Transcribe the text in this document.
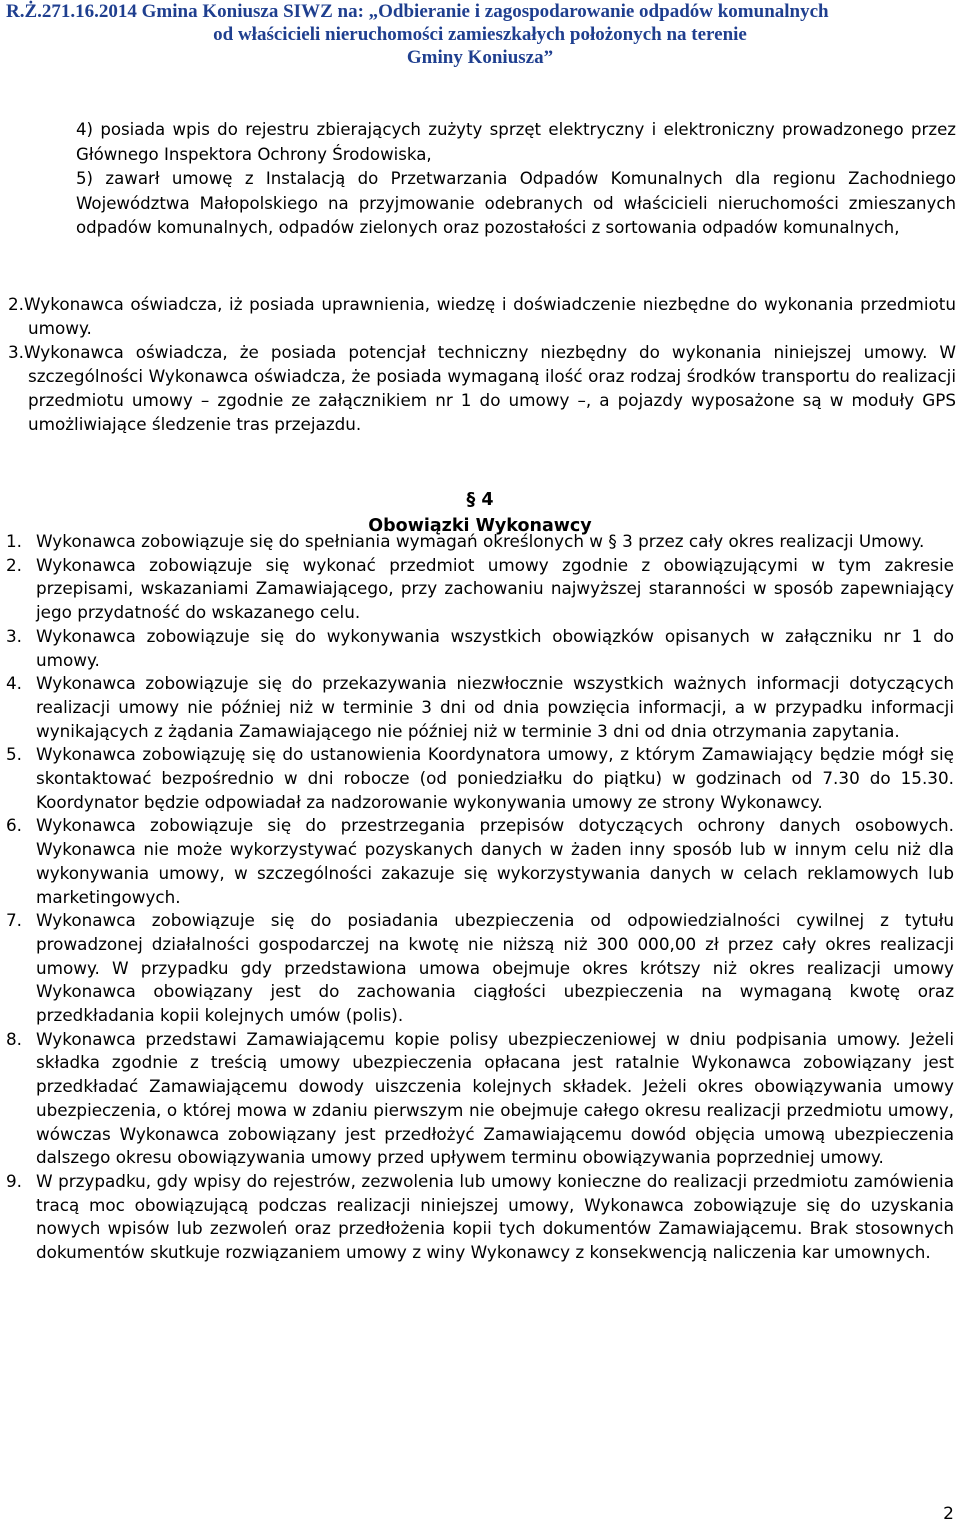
R.Ż.271.16.2014 Gmina Koniusza SIWZ na: „Odbieranie i zagospodarowanie odpadów komunalnych
od właścicieli nieruchomości zamieszkałych położonych na terenie
Gminy Koniusza”
4) posiada wpis do rejestru zbierających zużyty sprzęt elektryczny i elektroniczny prowadzonego przez Głównego Inspektora Ochrony Środowiska,
5) zawarł umowę z Instalacją do Przetwarzania Odpadów Komunalnych dla regionu Zachodniego Województwa Małopolskiego na przyjmowanie odebranych od właścicieli nieruchomości zmieszanych odpadów komunalnych, odpadów zielonych oraz pozostałości z sortowania odpadów komunalnych,
2.Wykonawca oświadcza, iż posiada uprawnienia, wiedzę i doświadczenie niezbędne do wykonania przedmiotu umowy.
3.Wykonawca oświadcza, że posiada potencjał techniczny niezbędny do wykonania niniejszej umowy. W szczególności Wykonawca oświadcza, że posiada wymaganą ilość oraz rodzaj środków transportu do realizacji przedmiotu umowy – zgodnie ze załącznikiem nr 1 do umowy –, a pojazdy wyposażone są w moduły GPS umożliwiające śledzenie tras przejazdu.
§ 4
Obowiązki Wykonawcy
1. Wykonawca zobowiązuje się do spełniania wymagań określonych w § 3 przez cały okres realizacji Umowy.
2. Wykonawca zobowiązuje się wykonać przedmiot umowy zgodnie z obowiązującymi w tym zakresie przepisami, wskazaniami Zamawiającego, przy zachowaniu najwyższej staranności w sposób zapewniający jego przydatność do wskazanego celu.
3. Wykonawca zobowiązuje się do wykonywania wszystkich obowiązków opisanych w załączniku nr 1 do umowy.
4. Wykonawca zobowiązuje się do przekazywania niezwłocznie wszystkich ważnych informacji dotyczących realizacji umowy nie później niż w terminie 3 dni od dnia powzięcia informacji, a w przypadku informacji wynikających z żądania Zamawiającego nie później niż w terminie 3 dni od dnia otrzymania zapytania.
5. Wykonawca zobowiązuję się do ustanowienia Koordynatora umowy, z którym Zamawiający będzie mógł się skontaktować bezpośrednio w dni robocze (od poniedziałku do piątku) w godzinach od 7.30 do 15.30. Koordynator będzie odpowiadał za nadzorowanie wykonywania umowy ze strony Wykonawcy.
6. Wykonawca zobowiązuje się do przestrzegania przepisów dotyczących ochrony danych osobowych. Wykonawca nie może wykorzystywać pozyskanych danych w żaden inny sposób lub w innym celu niż dla wykonywania umowy, w szczególności zakazuje się wykorzystywania danych w celach reklamowych lub marketingowych.
7. Wykonawca zobowiązuje się do posiadania ubezpieczenia od odpowiedzialności cywilnej z tytułu prowadzonej działalności gospodarczej na kwotę nie niższą niż 300 000,00 zł przez cały okres realizacji umowy. W przypadku gdy przedstawiona umowa obejmuje okres krótszy niż okres realizacji umowy Wykonawca obowiązany jest do zachowania ciągłości ubezpieczenia na wymaganą kwotę oraz przedkładania kopii kolejnych umów (polis).
8. Wykonawca przedstawi Zamawiającemu kopie polisy ubezpieczeniowej w dniu podpisania umowy. Jeżeli składka zgodnie z treścią umowy ubezpieczenia opłacana jest ratalnie Wykonawca zobowiązany jest przedkładać Zamawiającemu dowody uiszczenia kolejnych składek. Jeżeli okres obowiązywania umowy ubezpieczenia, o której mowa w zdaniu pierwszym nie obejmuje całego okresu realizacji przedmiotu umowy, wówczas Wykonawca zobowiązany jest przedłożyć Zamawiającemu dowód objęcia umową ubezpieczenia dalszego okresu obowiązywania umowy przed upływem terminu obowiązywania poprzedniej umowy.
9. W przypadku, gdy wpisy do rejestrów, zezwolenia lub umowy konieczne do realizacji przedmiotu zamówienia tracą moc obowiązującą podczas realizacji niniejszej umowy, Wykonawca zobowiązuje się do uzyskania nowych wpisów lub zezwoleń oraz przedłożenia kopii tych dokumentów Zamawiającemu. Brak stosownych dokumentów skutkuje rozwiązaniem umowy z winy Wykonawcy z konsekwencją naliczenia kar umownych.
2
